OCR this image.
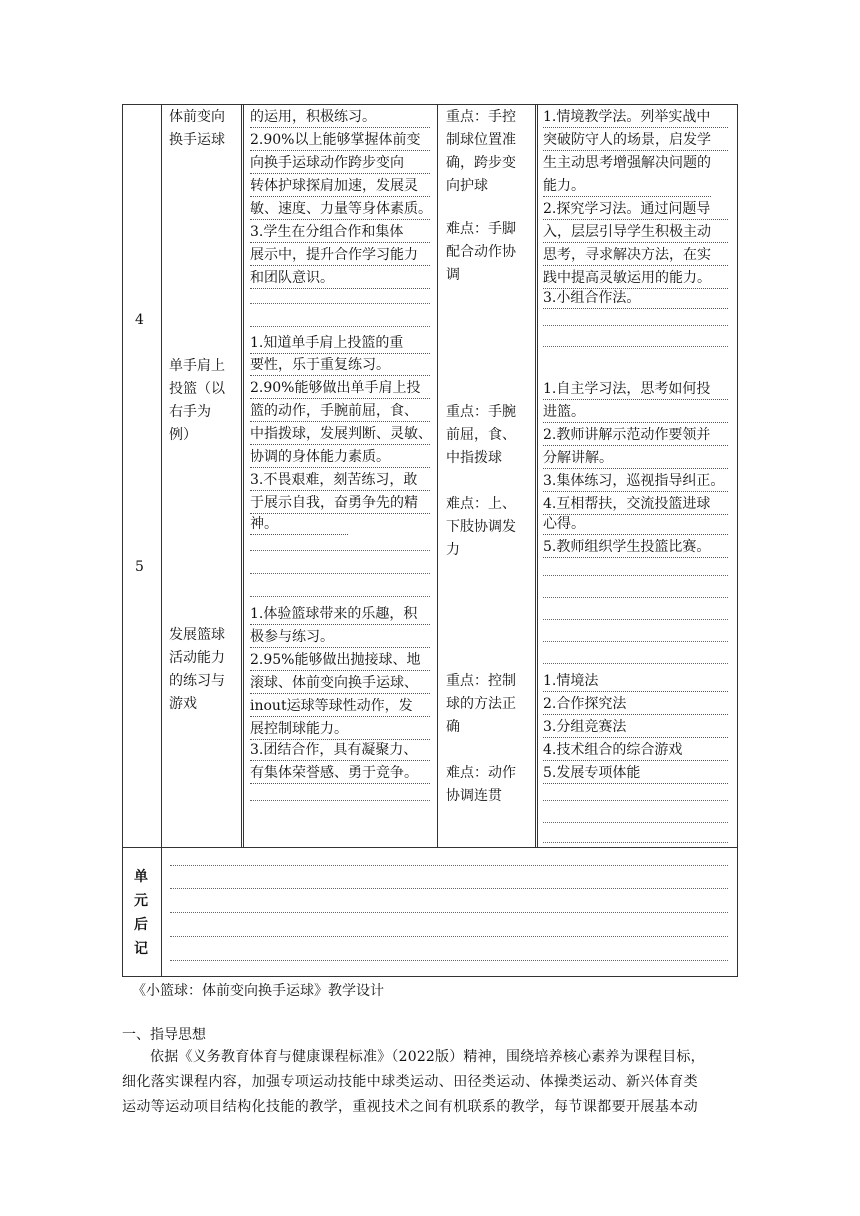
4
体前变向
换手运球
的运用，积极练习。
2.90%以上能够掌握体前变
向换手运球动作跨步变向
转体护球探肩加速，发展灵
敏、速度、力量等身体素质。
3.学生在分组合作和集体
展示中，提升合作学习能力
和团队意识。
重点：手控
制球位置准
确，跨步变
向护球
难点：手脚
配合动作协
调
1.情境教学法。列举实战中
突破防守人的场景，启发学
生主动思考增强解决问题的
能力。
2.探究学习法。通过问题导
入，层层引导学生积极主动
思考，寻求解决方法，在实
践中提高灵敏运用的能力。
3.小组合作法。
5
单手肩上
投篮（以
右手为
例）
1.知道单手肩上投篮的重
要性，乐于重复练习。
2.90%能够做出单手肩上投
篮的动作，手腕前屈，食、
中指拨球，发展判断、灵敏、
协调的身体能力素质。
3.不畏艰难，刻苦练习，敢
于展示自我，奋勇争先的精
神。
重点：手腕
前屈，食、
中指拨球
难点：上、
下肢协调发
力
1.自主学习法，思考如何投
进篮。
2.教师讲解示范动作要领并
分解讲解。
3.集体练习，巡视指导纠正。
4.互相帮扶，交流投篮进球
心得。
5.教师组织学生投篮比赛。
发展篮球
活动能力
的练习与
游戏
1.体验篮球带来的乐趣，积
极参与练习。
2.95%能够做出抛接球、地
滚球、体前变向换手运球、
inout运球等球性动作，发
展控制球能力。
3.团结合作，具有凝聚力、
有集体荣誉感、勇于竞争。
重点：控制
球的方法正
确
难点：动作
协调连贯
1.情境法
2.合作探究法
3.分组竞赛法
4.技术组合的综合游戏
5.发展专项体能
单
元
后
记
《小篮球：体前变向换手运球》教学设计
一、指导思想
依据《义务教育体育与健康课程标准》（2022版）精神，围绕培养核心素养为课程目标，
细化落实课程内容，加强专项运动技能中球类运动、田径类运动、体操类运动、新兴体育类
运动等运动项目结构化技能的教学，重视技术之间有机联系的教学，每节课都要开展基本动
